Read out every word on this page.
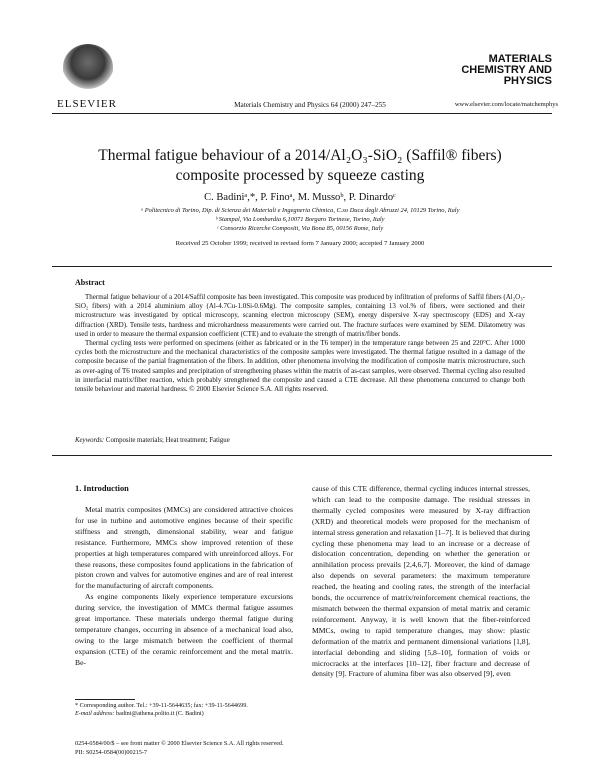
ELSEVIER	Materials Chemistry and Physics 64 (2000) 247–255
MATERIALS
CHEMISTRY AND
PHYSICS
www.elsevier.com/locate/matchemphys
Thermal fatigue behaviour of a 2014/Al₂O₃-SiO₂ (Saffil® fibers)
composite processed by squeeze casting
C. Badiniᵃ,*, P. Finoᵃ, M. Mussoᵇ, P. Dinardoᶜ
ᵃ Politecnico di Torino, Dip. di Scienza dei Materiali e Ingegneria Chimica, C.so Duca degli Abruzzi 24, 10129 Torino, Italy
ᵇ Stampal, Via Lombardia 6,10071 Borgaro Torinese, Torino, Italy
ᶜ Consorzio Ricerche Compositi, Via Bona 85, 00156 Rome, Italy
Received 25 October 1999; received in revised form 7 January 2000; accepted 7 January 2000
Abstract

Thermal fatigue behaviour of a 2014/Saffil composite has been investigated. This composite was produced by infiltration of preforms of Saffil fibers (Al₂O₃-SiO₂ fibers) with a 2014 aluminium alloy (Al-4.7Cu-1.0Si-0.6Mg). The composite samples, containing 13 vol.% of fibers, were sectioned and their microstructure was investigated by optical microscopy, scanning electron microscopy (SEM), energy dispersive X-ray spectroscopy (EDS) and X-ray diffraction (XRD). Tensile tests, hardness and microhardness measurements were carried out. The fracture surfaces were examined by SEM. Dilatometry was used in order to measure the thermal expansion coefficient (CTE) and to evaluate the strength of matrix/fiber bonds.

Thermal cycling tests were performed on specimens (either as fabricated or in the T6 temper) in the temperature range between 25 and 220°C. After 1000 cycles both the microstructure and the mechanical characteristics of the composite samples were investigated. The thermal fatigue resulted in a damage of the composite because of the partial fragmentation of the fibers. In addition, other phenomena involving the modification of composite matrix microstructure, such as over-aging of T6 treated samples and precipitation of strengthening phases within the matrix of as-cast samples, were observed. Thermal cycling also resulted in interfacial matrix/fiber reaction, which probably strengthened the composite and caused a CTE decrease. All these phenomena concurred to change both tensile behaviour and material hardness. © 2000 Elsevier Science S.A. All rights reserved.

Keywords: Composite materials; Heat treatment; Fatigue
1. Introduction

Metal matrix composites (MMCs) are considered attractive choices for use in turbine and automotive engines because of their specific stiffness and strength, dimensional stability, wear and fatigue resistance. Furthermore, MMCs show improved retention of these properties at high temperatures compared with unreinforced alloys. For these reasons, these composites found applications in the fabrication of piston crown and valves for automotive engines and are of real interest for the manufacturing of aircraft components.

As engine components likely experience temperature excursions during service, the investigation of MMCs thermal fatigue assumes great importance. These materials undergo thermal fatigue during temperature changes, occurring in absence of a mechanical load also, owing to the large mismatch between the coefficient of thermal expansion (CTE) of the ceramic reinforcement and the metal matrix. Be-

cause of this CTE difference, thermal cycling induces internal stresses, which can lead to the composite damage. The residual stresses in thermally cycled composites were measured by X-ray diffraction (XRD) and theoretical models were proposed for the mechanism of internal stress generation and relaxation [1–7]. It is believed that during cycling these phenomena may lead to an increase or a decrease of dislocation concentration, depending on whether the generation or annihilation process prevails [2,4,6,7]. Moreover, the kind of damage also depends on several parameters: the maximum temperature reached, the heating and cooling rates, the strength of the interfacial bonds, the occurrence of matrix/reinforcement chemical reactions, the mismatch between the thermal expansion of metal matrix and ceramic reinforcement. Anyway, it is well known that the fiber-reinforced MMCs, owing to rapid temperature changes, may show: plastic deformation of the matrix and permanent dimensional variations [1,8], interfacial debonding and sliding [5,8–10], formation of voids or microcracks at the interfaces [10–12], fiber fracture and decrease of density [9]. Fracture of alumina fiber was also observed [9], even

* Corresponding author. Tel.: +39-11-5644635; fax: +39-11-5644699.
E-mail address: badini@athena.polito.it (C. Badini)
0254-0584/00/$ – see front matter © 2000 Elsevier Science S.A. All rights reserved.
PII: S0254-0584(00)00215-7
